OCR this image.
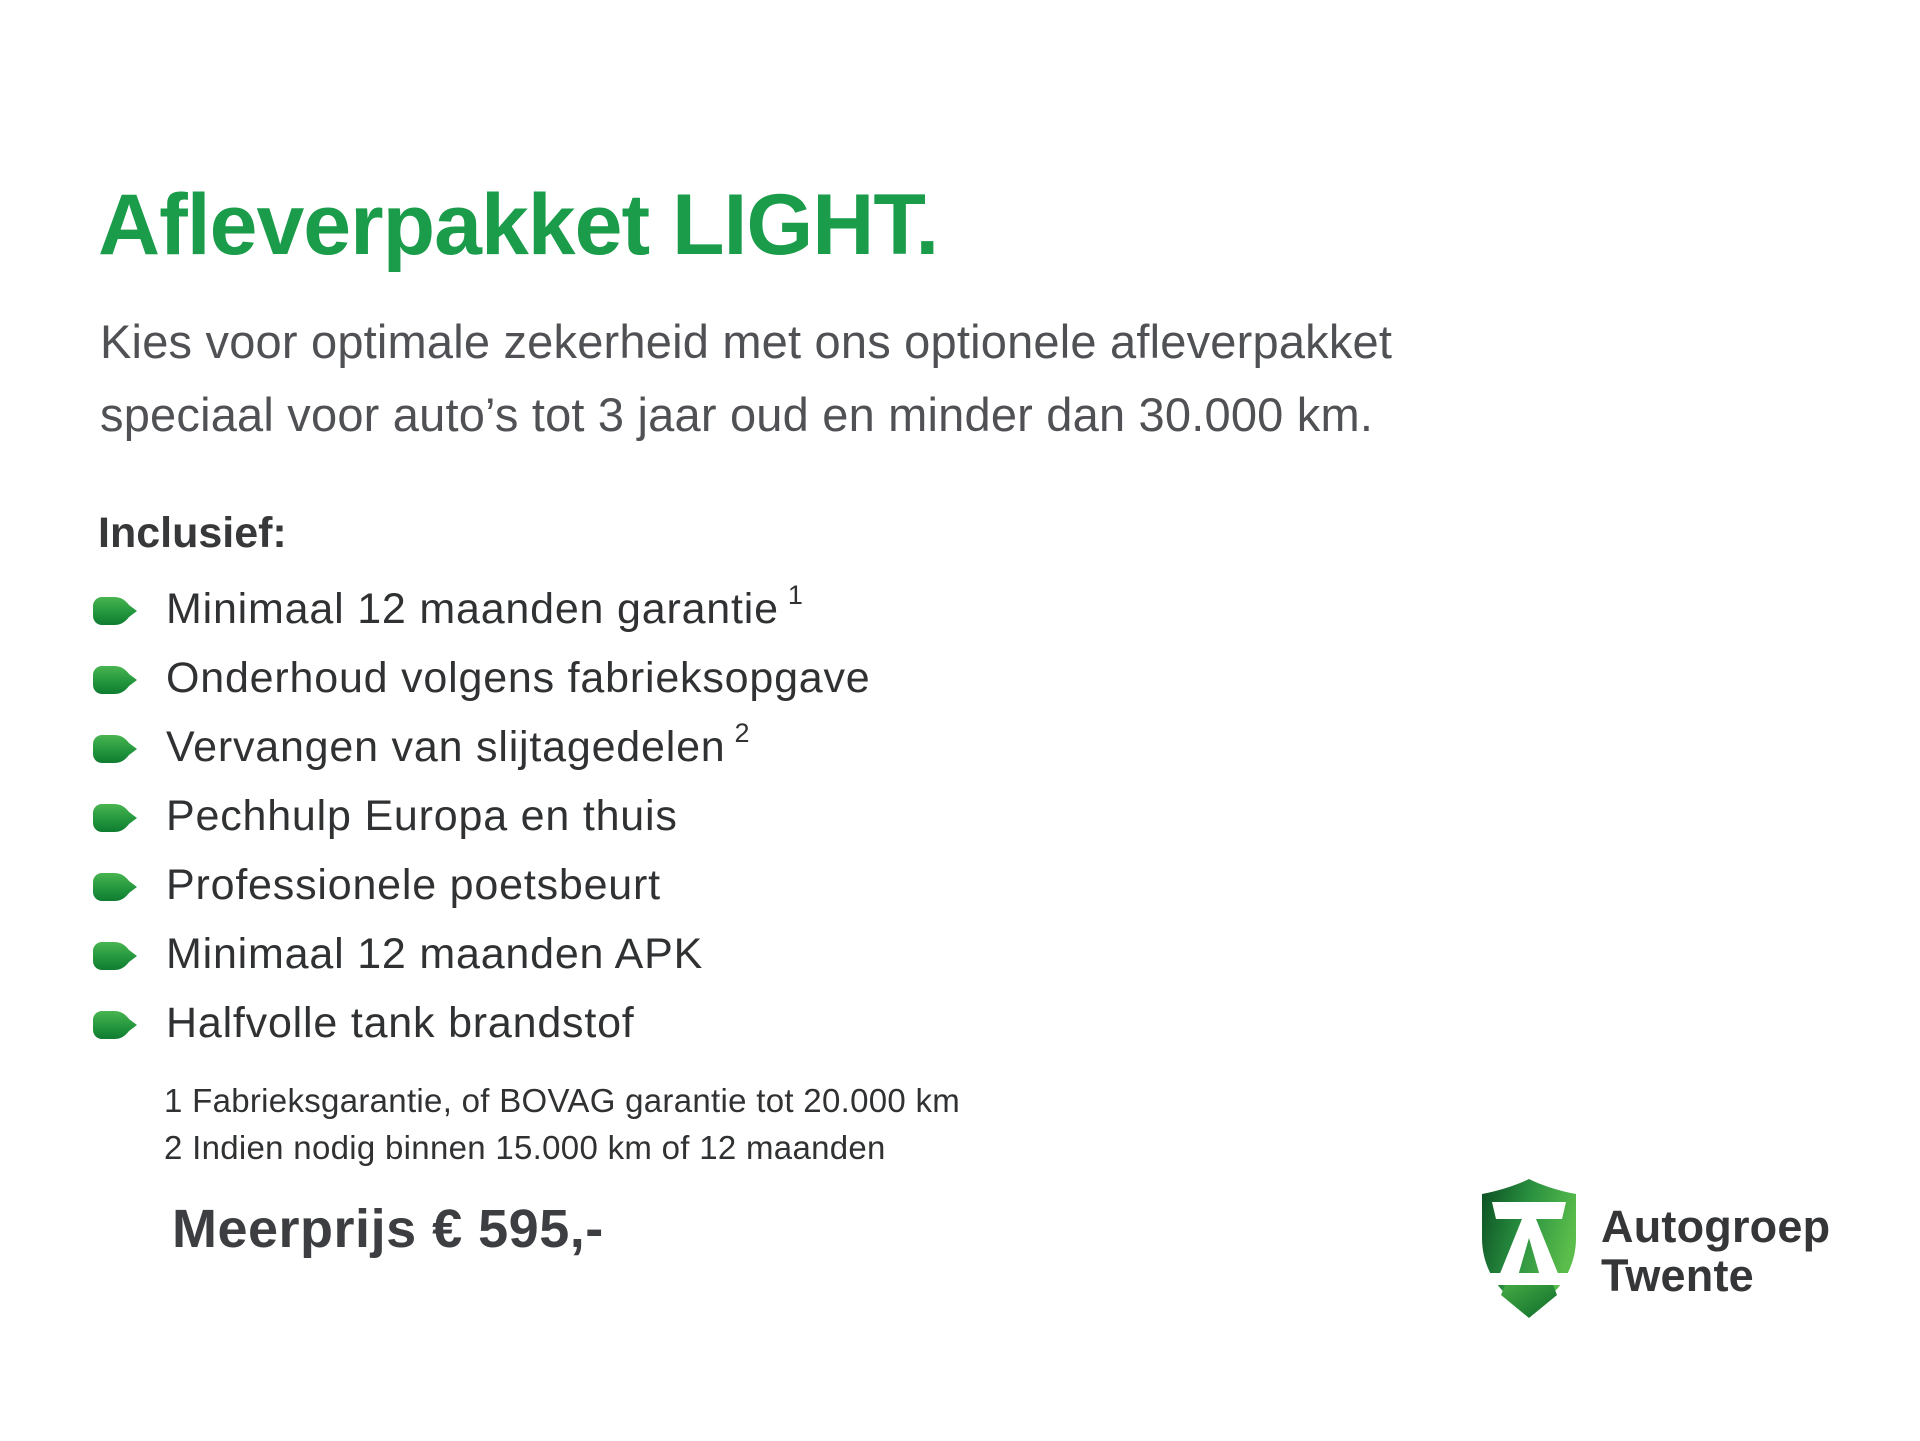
Afleverpakket LIGHT.
Kies voor optimale zekerheid met ons optionele afleverpakket
speciaal voor auto’s tot 3 jaar oud en minder dan 30.000 km.
Inclusief:
Minimaal 12 maanden garantie $^1$
Onderhoud volgens fabrieksopgave
Vervangen van slijtagedelen $^2$
Pechhulp Europa en thuis
Professionele poetsbeurt
Minimaal 12 maanden APK
Halfvolle tank brandstof
1 Fabrieksgarantie, of BOVAG garantie tot 20.000 km
2 Indien nodig binnen 15.000 km of 12 maanden
Meerprijs € 595,-	Autogroep
Twente
